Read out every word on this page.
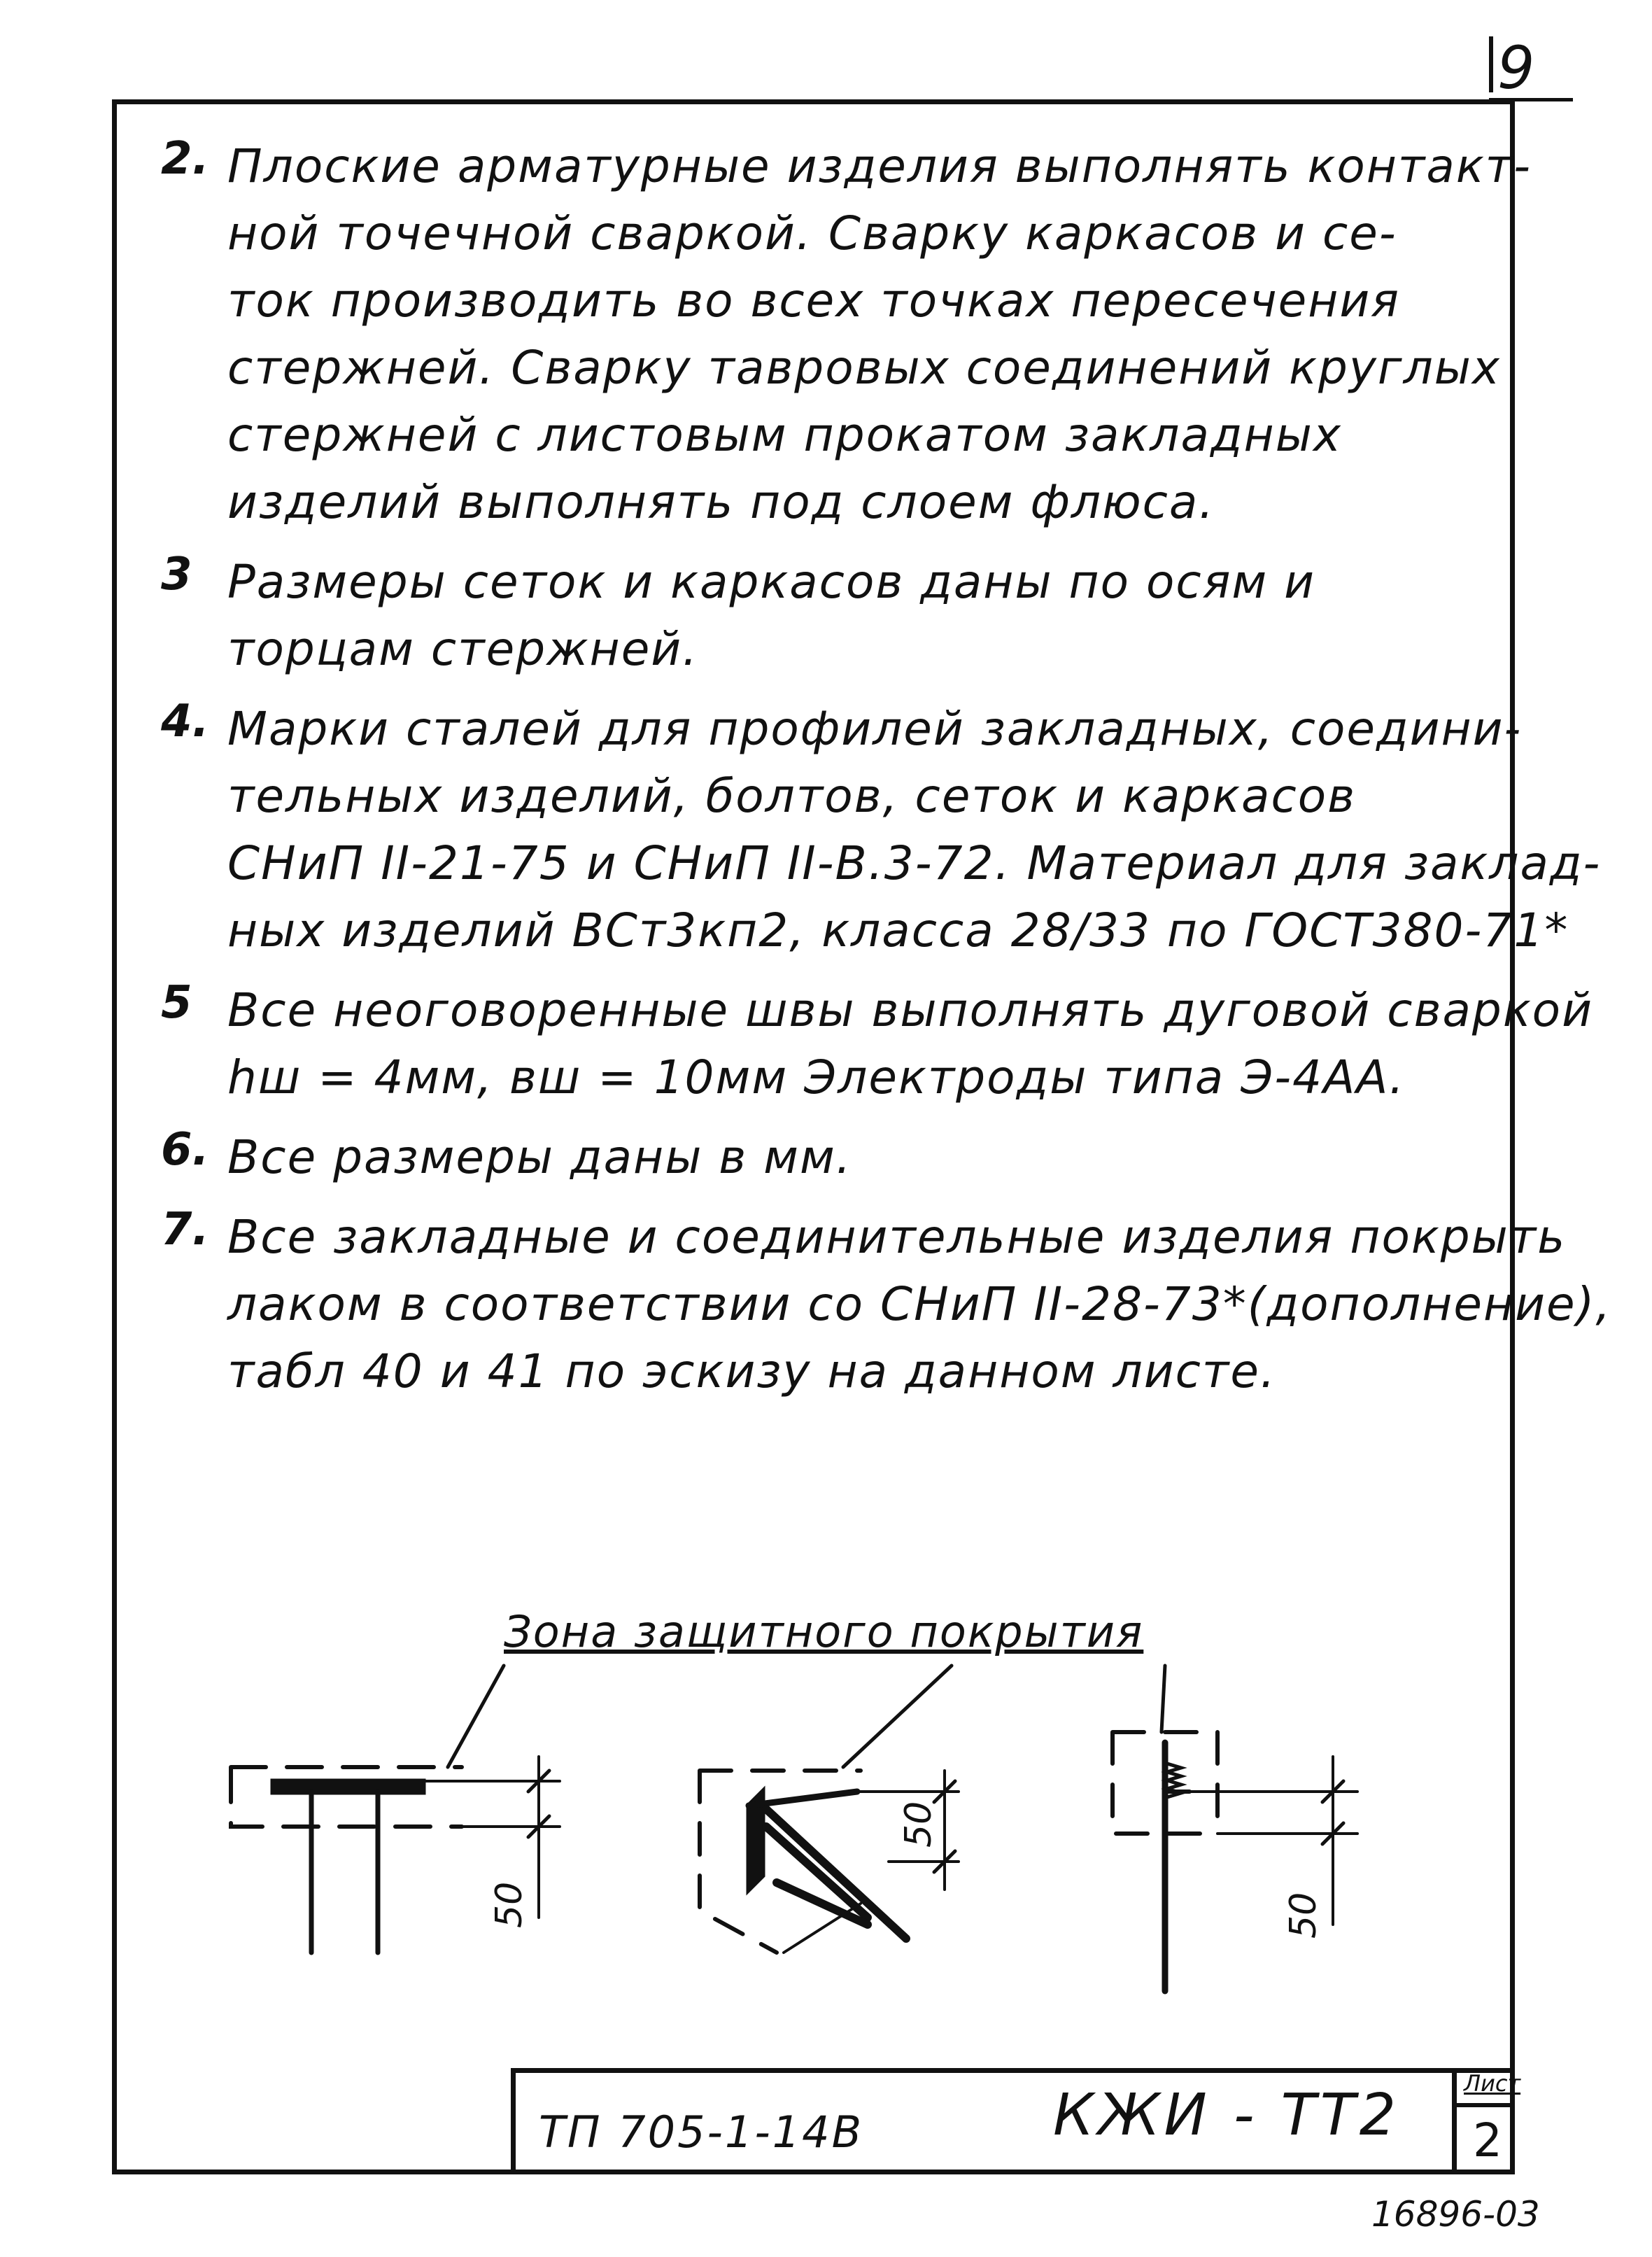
9
2. Плоские арматурные изделия выполнять контакт-
ной точечной сваркой. Сварку каркасов и се-
ток производить во всех точках пересечения
стержней. Сварку тавровых соединений круглых
стержней с листовым прокатом закладных
изделий выполнять под слоем флюса.
3 Размеры сеток и каркасов даны по осям и
торцам стержней.
4. Марки сталей для профилей закладных, соедини-
тельных изделий, болтов, сеток и каркасов
СНиП II-21-75 и СНиП II-В.3-72. Материал для заклад-
ных изделий ВСт3кп2, класса 28/33 по ГОСТ380-71*
5 Все неоговоренные швы выполнять дуговой сваркой
hш = 4мм, вш = 10мм Электроды типа Э-4АА.
6. Все размеры даны в мм.
7. Все закладные и соединительные изделия покрыть
лаком в соответствии со СНиП II-28-73*(дополнение),
табл 40 и 41 по эскизу на данном листе.
Зона защитного покрытия
50
50
50
ТП 705-1-14В	КЖИ - ТТ2	Лист
2
16896-03
